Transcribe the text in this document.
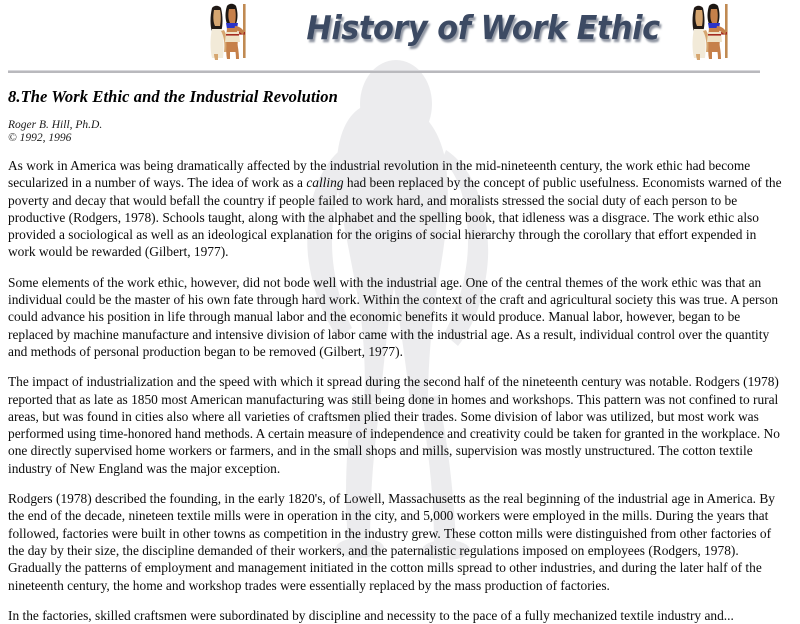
History of Work Ethic
8.The Work Ethic and the Industrial Revolution
Roger B. Hill, Ph.D.
© 1992, 1996

As work in America was being dramatically affected by the industrial revolution in the mid-nineteenth century, the work ethic had become secularized in a number of ways. The idea of work as a calling had been replaced by the concept of public usefulness. Economists warned of the poverty and decay that would befall the country if people failed to work hard, and moralists stressed the social duty of each person to be productive (Rodgers, 1978). Schools taught, along with the alphabet and the spelling book, that idleness was a disgrace. The work ethic also provided a sociological as well as an ideological explanation for the origins of social hierarchy through the corollary that effort expended in work would be rewarded (Gilbert, 1977).

Some elements of the work ethic, however, did not bode well with the industrial age. One of the central themes of the work ethic was that an individual could be the master of his own fate through hard work. Within the context of the craft and agricultural society this was true. A person could advance his position in life through manual labor and the economic benefits it would produce. Manual labor, however, began to be replaced by machine manufacture and intensive division of labor came with the industrial age. As a result, individual control over the quantity and methods of personal production began to be removed (Gilbert, 1977).

The impact of industrialization and the speed with which it spread during the second half of the nineteenth century was notable. Rodgers (1978) reported that as late as 1850 most American manufacturing was still being done in homes and workshops. This pattern was not confined to rural areas, but was found in cities also where all varieties of craftsmen plied their trades. Some division of labor was utilized, but most work was performed using time-honored hand methods. A certain measure of independence and creativity could be taken for granted in the workplace. No one directly supervised home workers or farmers, and in the small shops and mills, supervision was mostly unstructured. The cotton textile industry of New England was the major exception.

Rodgers (1978) described the founding, in the early 1820's, of Lowell, Massachusetts as the real beginning of the industrial age in America. By the end of the decade, nineteen textile mills were in operation in the city, and 5,000 workers were employed in the mills. During the years that followed, factories were built in other towns as competition in the industry grew. These cotton mills were distinguished from other factories of the day by their size, the discipline demanded of their workers, and the paternalistic regulations imposed on employees (Rodgers, 1978). Gradually the patterns of employment and management initiated in the cotton mills spread to other industries, and during the later half of the nineteenth century, the home and workshop trades were essentially replaced by the mass production of factories.

In the factories, skilled craftsmen were subordinated by discipline and necessity to the pace of a fully mechanized textile industry and...
